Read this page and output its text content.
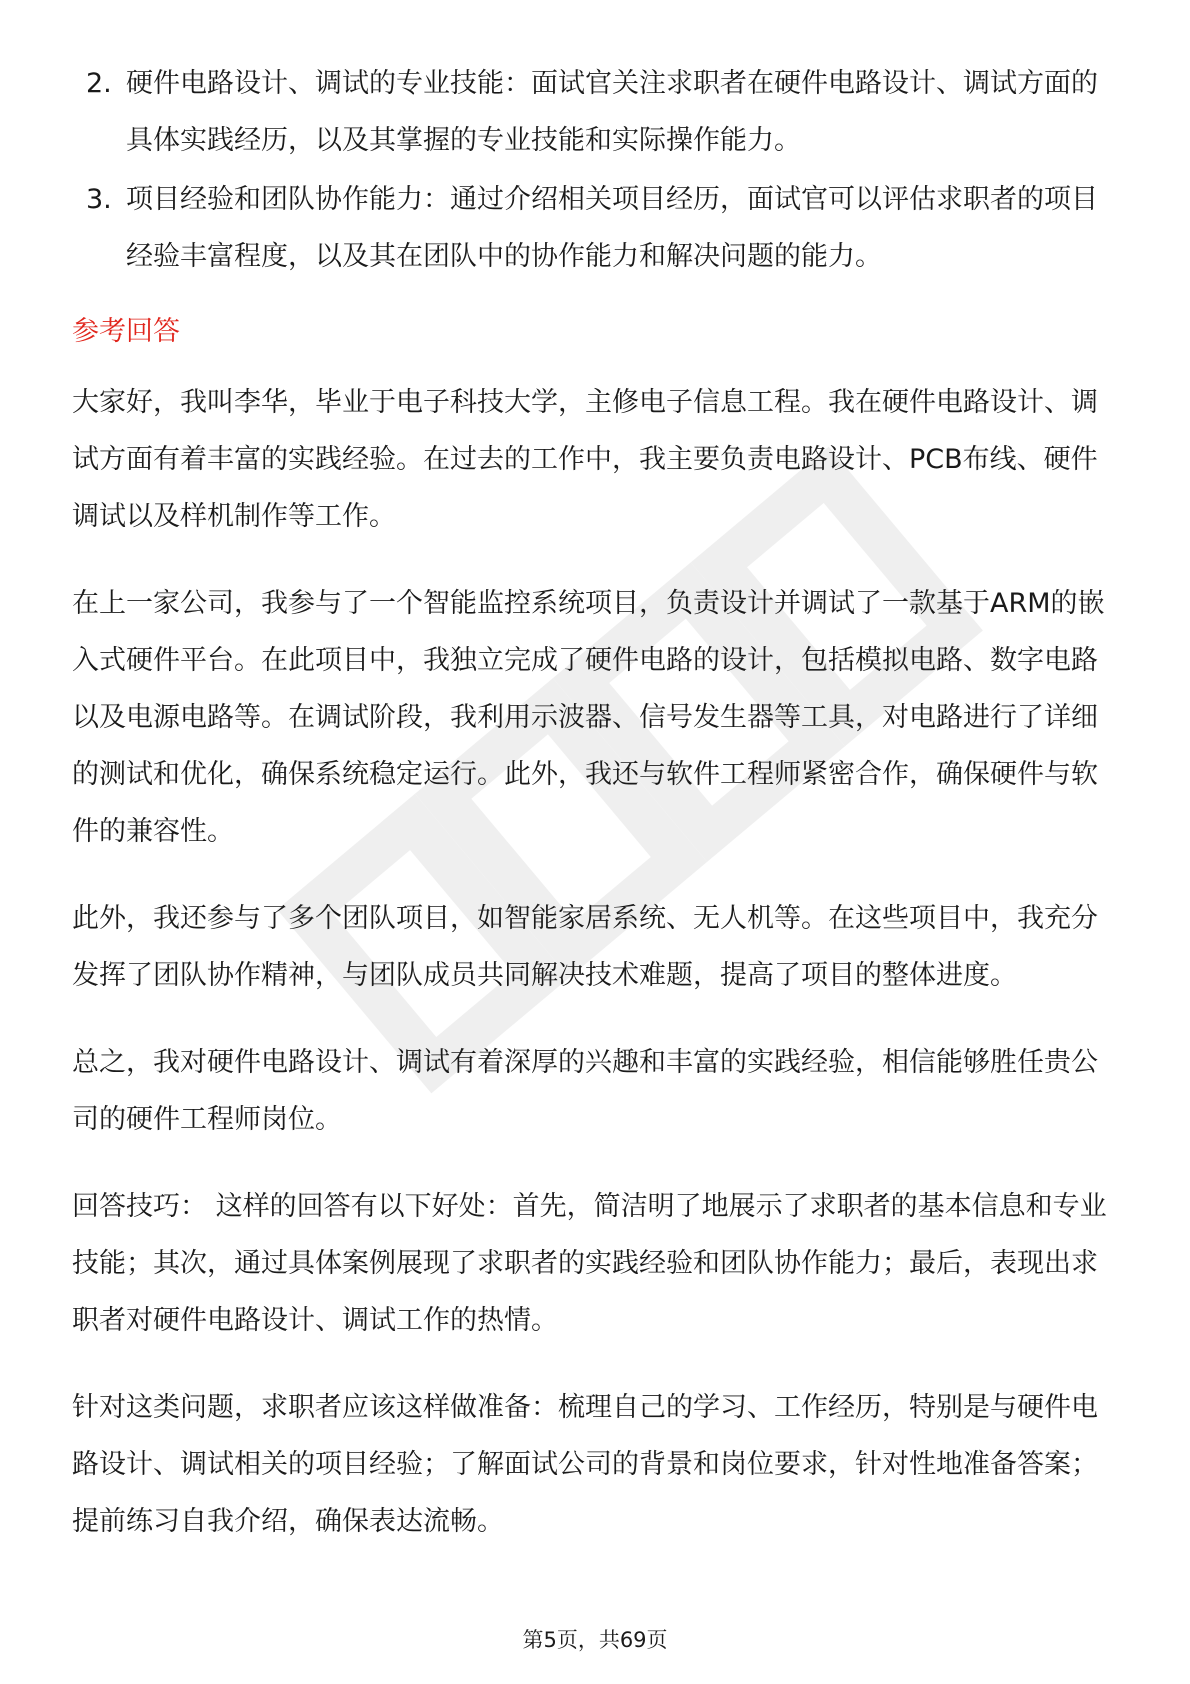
2. 硬件电路设计、调试的专业技能：面试官关注求职者在硬件电路设计、调试方面的具体实践经历，以及其掌握的专业技能和实际操作能力。
3. 项目经验和团队协作能力：通过介绍相关项目经历，面试官可以评估求职者的项目经验丰富程度，以及其在团队中的协作能力和解决问题的能力。
参考回答

大家好，我叫李华，毕业于电子科技大学，主修电子信息工程。我在硬件电路设计、调试方面有着丰富的实践经验。在过去的工作中，我主要负责电路设计、PCB布线、硬件调试以及样机制作等工作。

在上一家公司，我参与了一个智能监控系统项目，负责设计并调试了一款基于ARM的嵌入式硬件平台。在此项目中，我独立完成了硬件电路的设计，包括模拟电路、数字电路以及电源电路等。在调试阶段，我利用示波器、信号发生器等工具，对电路进行了详细的测试和优化，确保系统稳定运行。此外，我还与软件工程师紧密合作，确保硬件与软件的兼容性。

此外，我还参与了多个团队项目，如智能家居系统、无人机等。在这些项目中，我充分发挥了团队协作精神，与团队成员共同解决技术难题，提高了项目的整体进度。

总之，我对硬件电路设计、调试有着深厚的兴趣和丰富的实践经验，相信能够胜任贵公司的硬件工程师岗位。

回答技巧： 这样的回答有以下好处：首先，简洁明了地展示了求职者的基本信息和专业技能；其次，通过具体案例展现了求职者的实践经验和团队协作能力；最后，表现出求职者对硬件电路设计、调试工作的热情。

针对这类问题，求职者应该这样做准备：梳理自己的学习、工作经历，特别是与硬件电路设计、调试相关的项目经验；了解面试公司的背景和岗位要求，针对性地准备答案；提前练习自我介绍，确保表达流畅。

第5页，共69页
